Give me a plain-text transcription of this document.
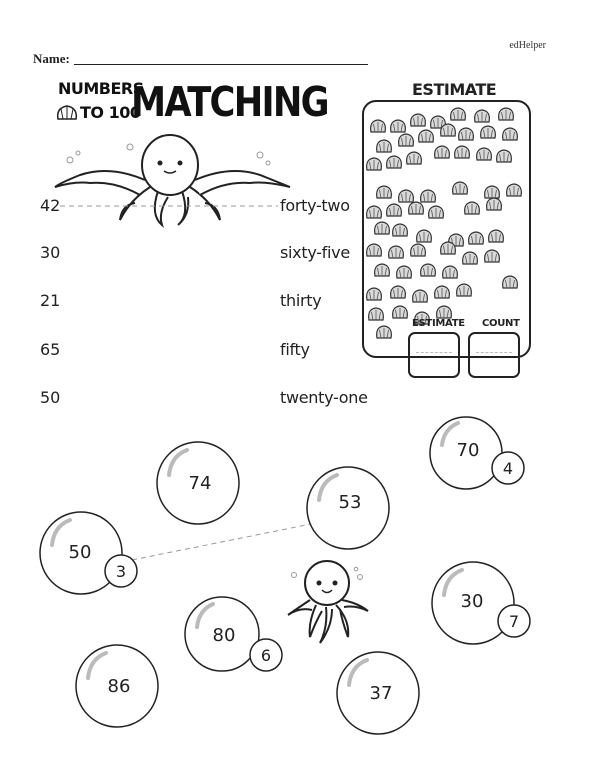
edHelper
Name:
NUMBERS
TO 100
MATCHING
42
30
21
65
50
forty-two
sixty-five
thirty
fifty
twenty-one
ESTIMATE
ESTIMATE COUNT
70
4
74
53
50
3
30
7
80
6
86	37
